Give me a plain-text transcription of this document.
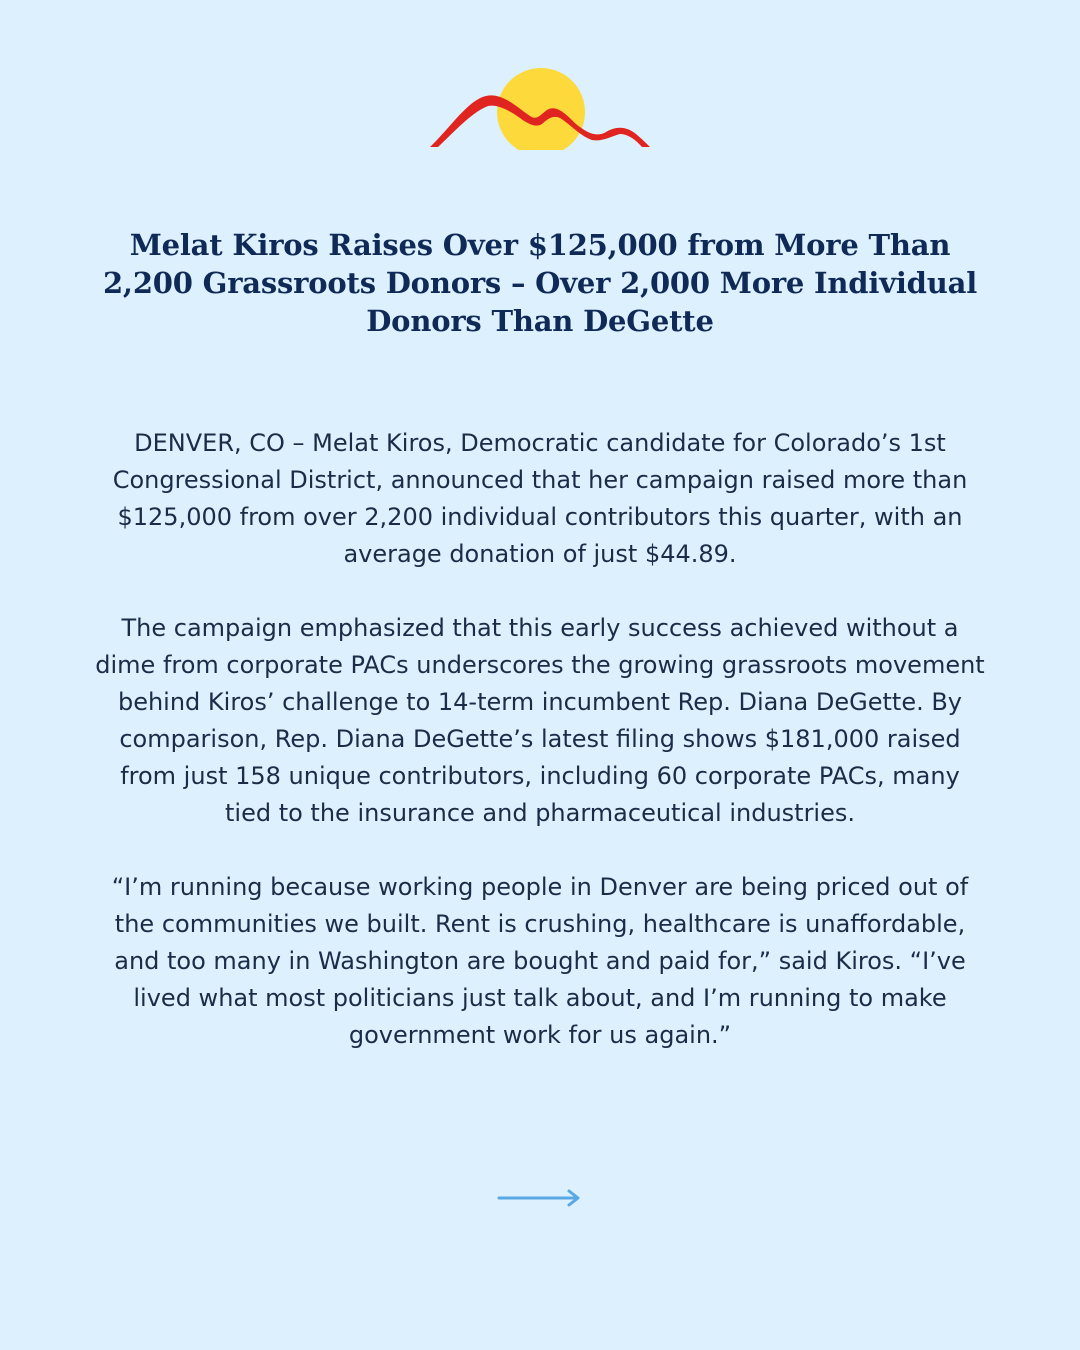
Melat Kiros Raises Over $125,000 from More Than 2,200 Grassroots Donors – Over 2,000 More Individual Donors Than DeGette

DENVER, CO – Melat Kiros, Democratic candidate for Colorado’s 1st Congressional District, announced that her campaign raised more than $125,000 from over 2,200 individual contributors this quarter, with an average donation of just $44.89.

The campaign emphasized that this early success achieved without a dime from corporate PACs underscores the growing grassroots movement behind Kiros’ challenge to 14-term incumbent Rep. Diana DeGette. By comparison, Rep. Diana DeGette’s latest filing shows $181,000 raised from just 158 unique contributors, including 60 corporate PACs, many tied to the insurance and pharmaceutical industries.

“I’m running because working people in Denver are being priced out of the communities we built. Rent is crushing, healthcare is unaffordable, and too many in Washington are bought and paid for,” said Kiros. “I’ve lived what most politicians just talk about, and I’m running to make government work for us again.”
